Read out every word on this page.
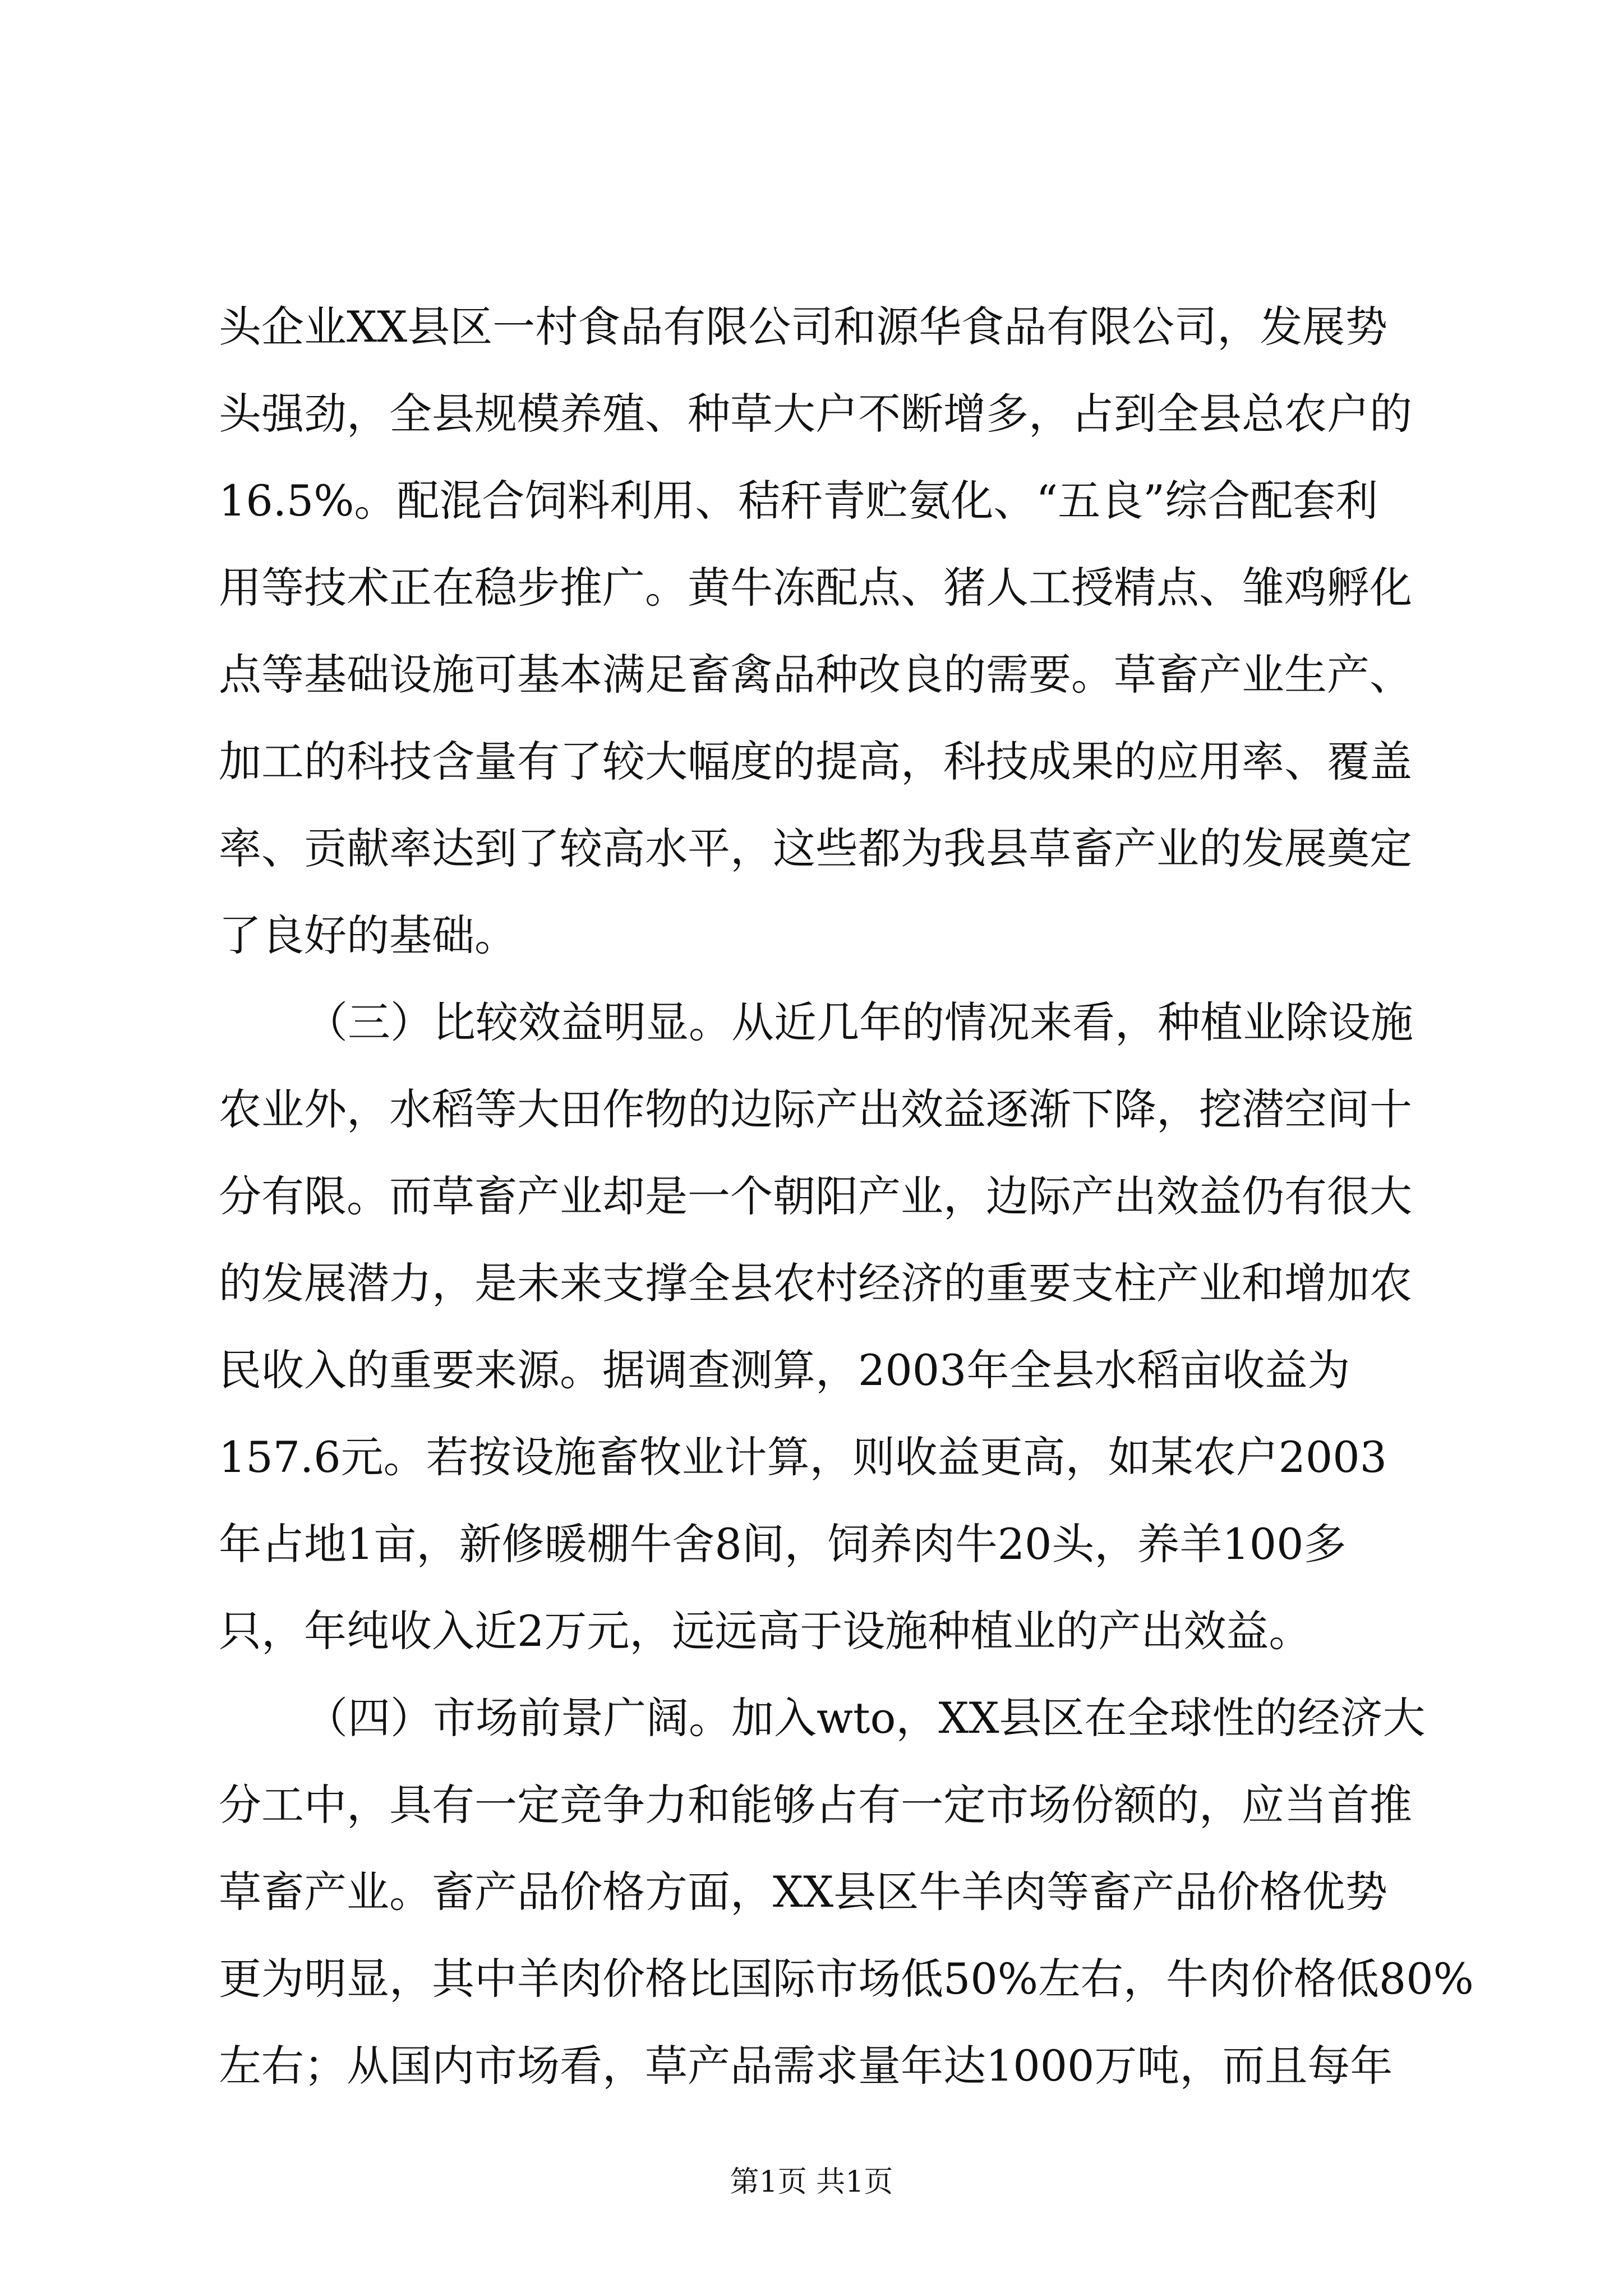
头企业XX县区一村食品有限公司和源华食品有限公司，发展势
头强劲，全县规模养殖、种草大户不断增多，占到全县总农户的
16.5%。配混合饲料利用、秸秆青贮氨化、“五良”综合配套利
用等技术正在稳步推广。黄牛冻配点、猪人工授精点、雏鸡孵化
点等基础设施可基本满足畜禽品种改良的需要。草畜产业生产、
加工的科技含量有了较大幅度的提高，科技成果的应用率、覆盖
率、贡献率达到了较高水平，这些都为我县草畜产业的发展奠定
了良好的基础。
（三）比较效益明显。从近几年的情况来看，种植业除设施
农业外，水稻等大田作物的边际产出效益逐渐下降，挖潜空间十
分有限。而草畜产业却是一个朝阳产业，边际产出效益仍有很大
的发展潜力，是未来支撑全县农村经济的重要支柱产业和增加农
民收入的重要来源。据调查测算，2003年全县水稻亩收益为
157.6元。若按设施畜牧业计算，则收益更高，如某农户2003
年占地1亩，新修暖棚牛舍8间，饲养肉牛20头，养羊100多
只，年纯收入近2万元，远远高于设施种植业的产出效益。
（四）市场前景广阔。加入wto，XX县区在全球性的经济大
分工中，具有一定竞争力和能够占有一定市场份额的，应当首推
草畜产业。畜产品价格方面，XX县区牛羊肉等畜产品价格优势
更为明显，其中羊肉价格比国际市场低50%左右，牛肉价格低80%
左右；从国内市场看，草产品需求量年达1000万吨，而且每年
第1页 共1页
